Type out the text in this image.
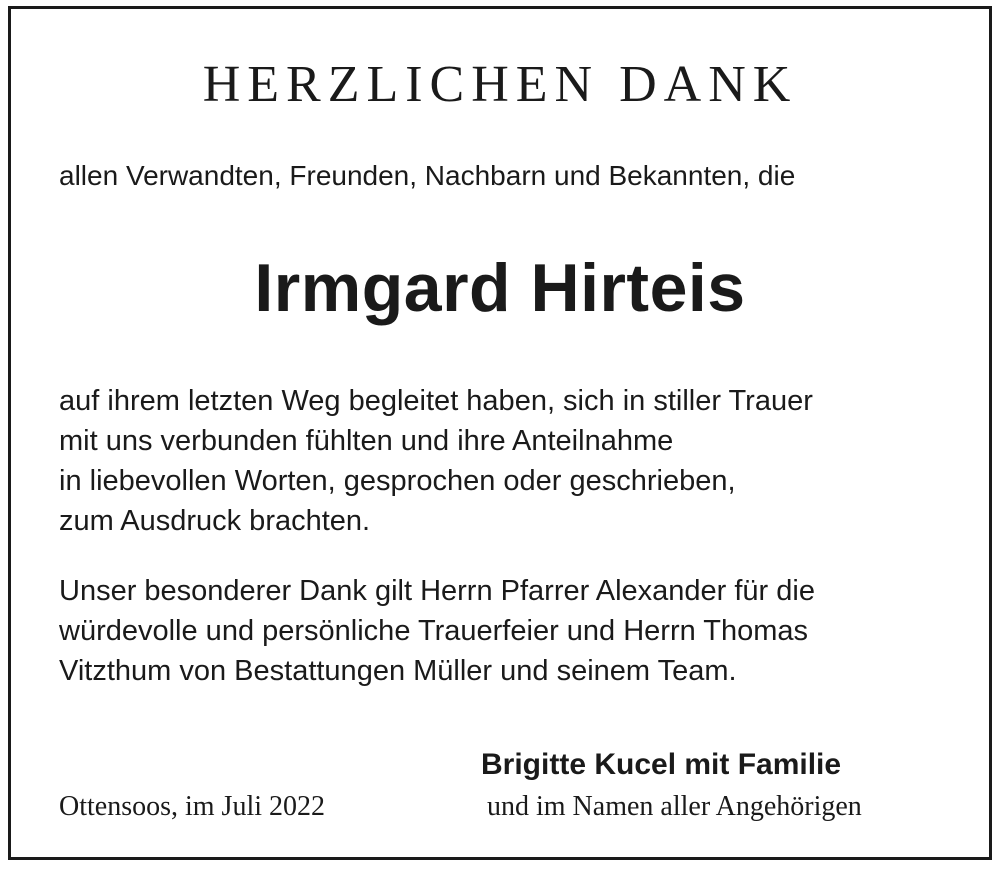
HERZLICHEN DANK
allen Verwandten, Freunden, Nachbarn und Bekannten, die
Irmgard Hirteis
auf ihrem letzten Weg begleitet haben, sich in stiller Trauer
mit uns verbunden fühlten und ihre Anteilnahme
in liebevollen Worten, gesprochen oder geschrieben,
zum Ausdruck brachten.
Unser besonderer Dank gilt Herrn Pfarrer Alexander für die
würdevolle und persönliche Trauerfeier und Herrn Thomas
Vitzthum von Bestattungen Müller und seinem Team.
Brigitte Kucel mit Familie
Ottensoos, im Juli 2022	und im Namen aller Angehörigen
